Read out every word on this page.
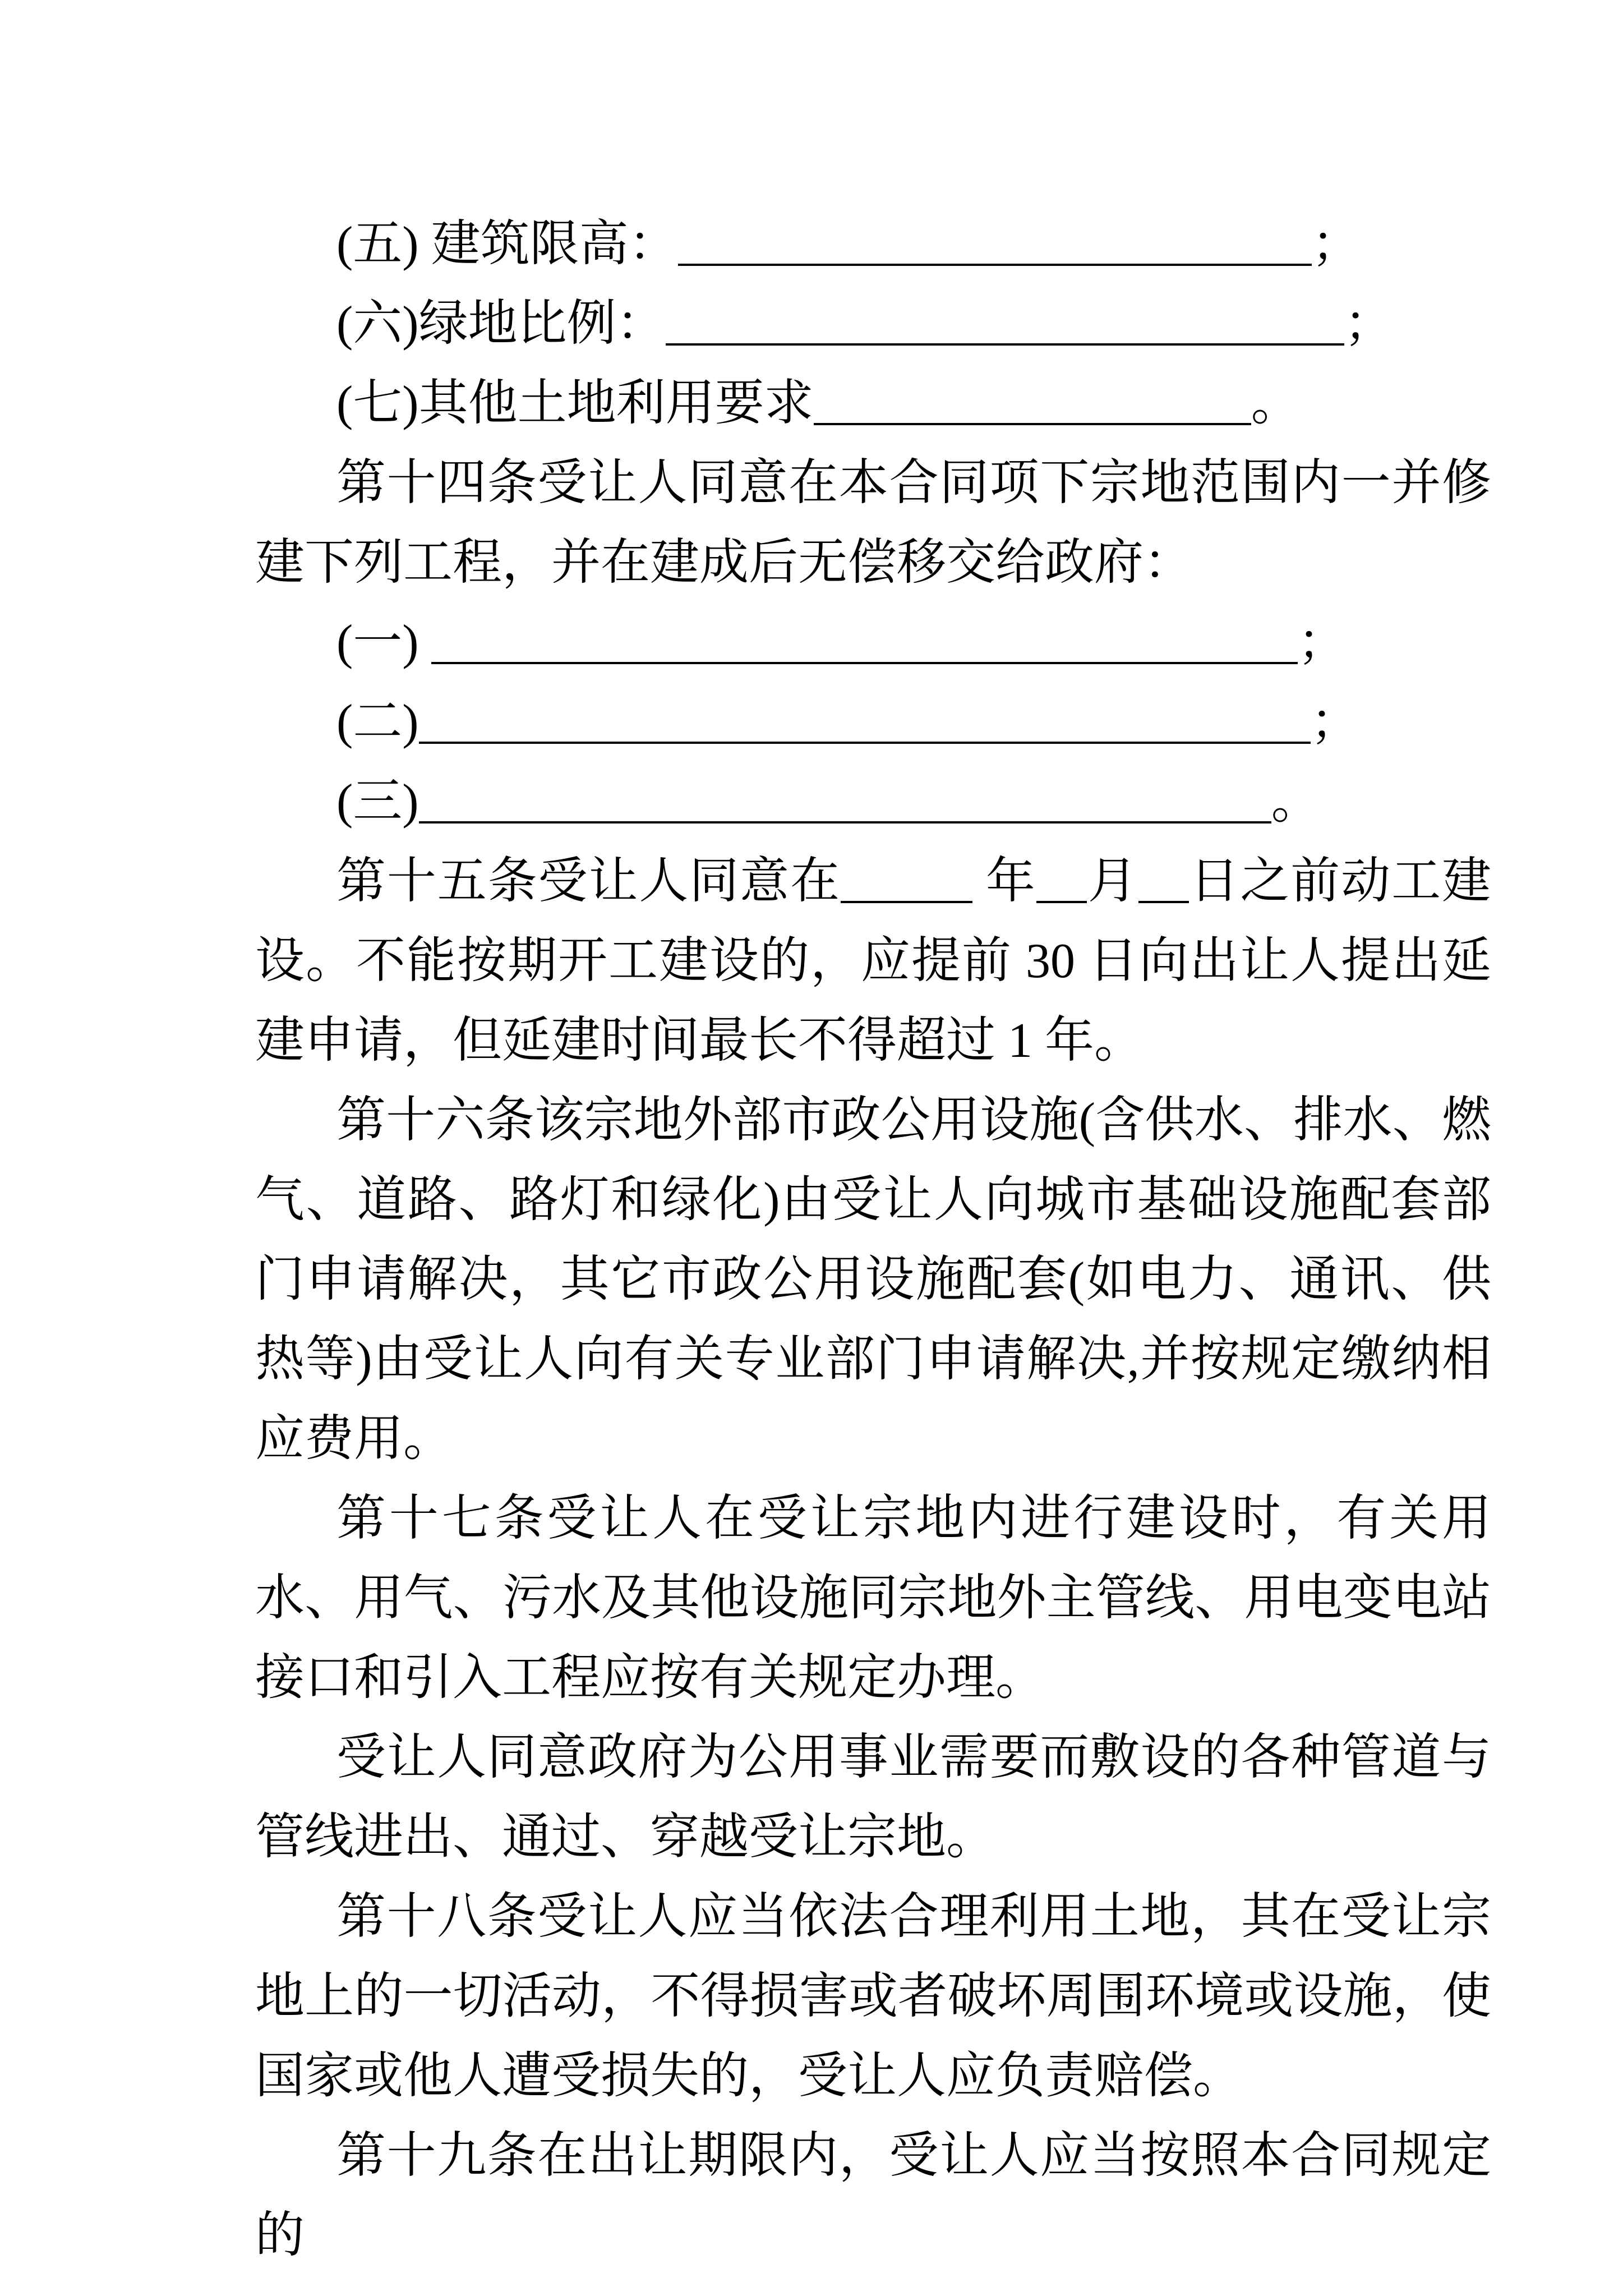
(五) 建筑限高：	；
(六)绿地比例：	；
(七)其他土地利用要求	。
第十四条受让人同意在本合同项下宗地范围内一并修建下列工程，并在建成后无偿移交给政府：
(一)	；
(二)	；
(三)	。
第十五条受让人同意在	年 月 日之前动工建设。不能按期开工建设的，应提前 30 日向出让人提出延建申请，但延建时间最长不得超过 1 年。
第十六条该宗地外部市政公用设施(含供水、排水、燃气、道路、路灯和绿化)由受让人向城市基础设施配套部门申请解决，其它市政公用设施配套(如电力、通讯、供热等)由受让人向有关专业部门申请解决,并按规定缴纳相应费用。
第十七条受让人在受让宗地内进行建设时，有关用水、用气、污水及其他设施同宗地外主管线、用电变电站接口和引入工程应按有关规定办理。
受让人同意政府为公用事业需要而敷设的各种管道与管线进出、通过、穿越受让宗地。
第十八条受让人应当依法合理利用土地，其在受让宗地上的一切活动，不得损害或者破坏周围环境或设施，使国家或他人遭受损失的，受让人应负责赔偿。
第十九条在出让期限内，受让人应当按照本合同规定的
